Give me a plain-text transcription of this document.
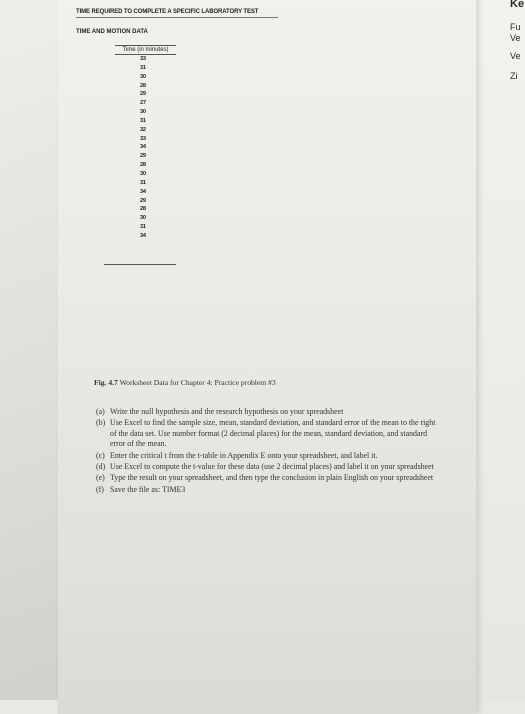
Ke
Fu
Ve
Ve
Zi
TIME REQUIRED TO COMPLETE A SPECIFIC LABORATORY TEST
TIME AND MOTION DATA
Time (in minutes)
33
31
30
28
29
27
30
31
32
33
34
29
28
30
31
34
29
28
30
31
34
Fig. 4.7 Worksheet Data for Chapter 4: Practice problem #3
(a) Write the null hypothesis and the research hypothesis on your spreadsheet
(b) Use Excel to find the sample size, mean, standard deviation, and standard error of the mean to the right of the data set. Use number format (2 decimal places) for the mean, standard deviation, and standard error of the mean.
(c) Enter the critical t from the t-table in Appendix E onto your spreadsheet, and label it.
(d) Use Excel to compute the t-value for these data (use 2 decimal places) and label it on your spreadsheet
(e) Type the result on your spreadsheet, and then type the conclusion in plain English on your spreadsheet
(f) Save the file as: TIME3
